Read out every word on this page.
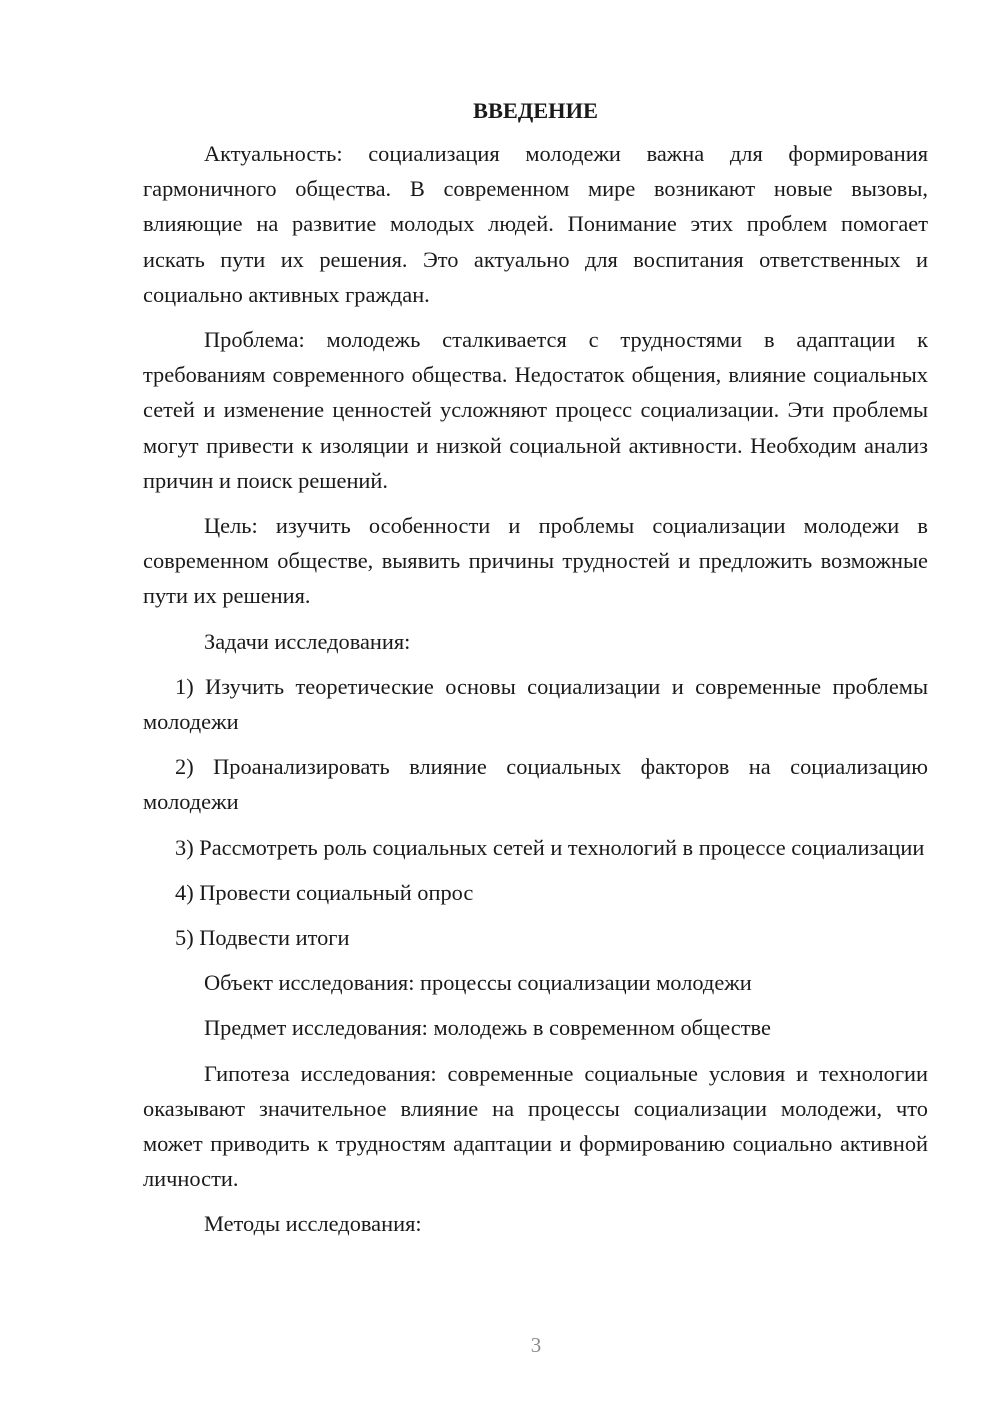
ВВЕДЕНИЕ

Актуальность: социализация молодежи важна для формирования гармоничного общества. В современном мире возникают новые вызовы, влияющие на развитие молодых людей. Понимание этих проблем помогает искать пути их решения. Это актуально для воспитания ответственных и социально активных граждан.

Проблема: молодежь сталкивается с трудностями в адаптации к требованиям современного общества. Недостаток общения, влияние социальных сетей и изменение ценностей усложняют процесс социализации. Эти проблемы могут привести к изоляции и низкой социальной активности. Необходим анализ причин и поиск решений.

Цель: изучить особенности и проблемы социализации молодежи в современном обществе, выявить причины трудностей и предложить возможные пути их решения.

Задачи исследования:

1) Изучить теоретические основы социализации и современные проблемы молодежи

2) Проанализировать влияние социальных факторов на социализацию молодежи

3) Рассмотреть роль социальных сетей и технологий в процессе социализации

4) Провести социальный опрос

5) Подвести итоги

Объект исследования: процессы социализации молодежи

Предмет исследования: молодежь в современном обществе

Гипотеза исследования: современные социальные условия и технологии оказывают значительное влияние на процессы социализации молодежи, что может приводить к трудностям адаптации и формированию социально активной личности.

Методы исследования:

3
